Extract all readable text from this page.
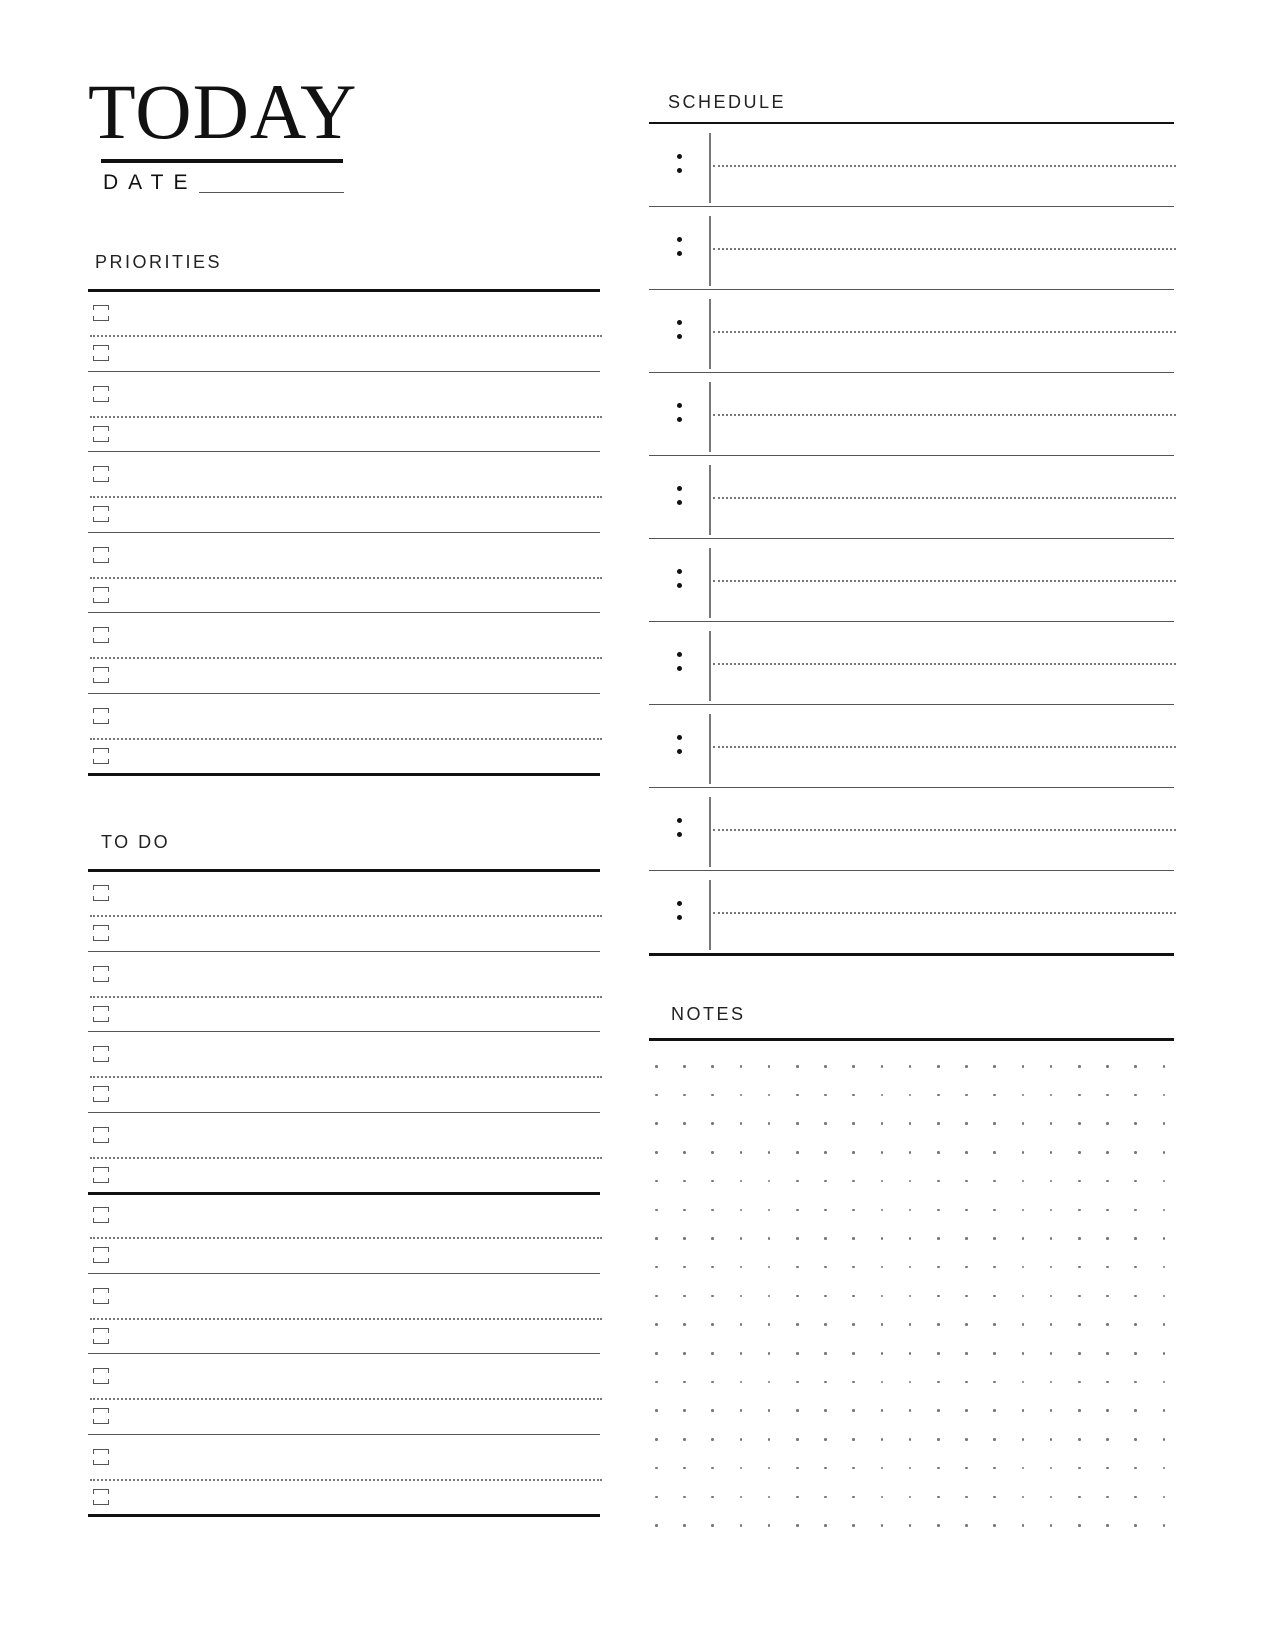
TODAY
DATE
PRIORITIES
TO DO
SCHEDULE
NOTES
